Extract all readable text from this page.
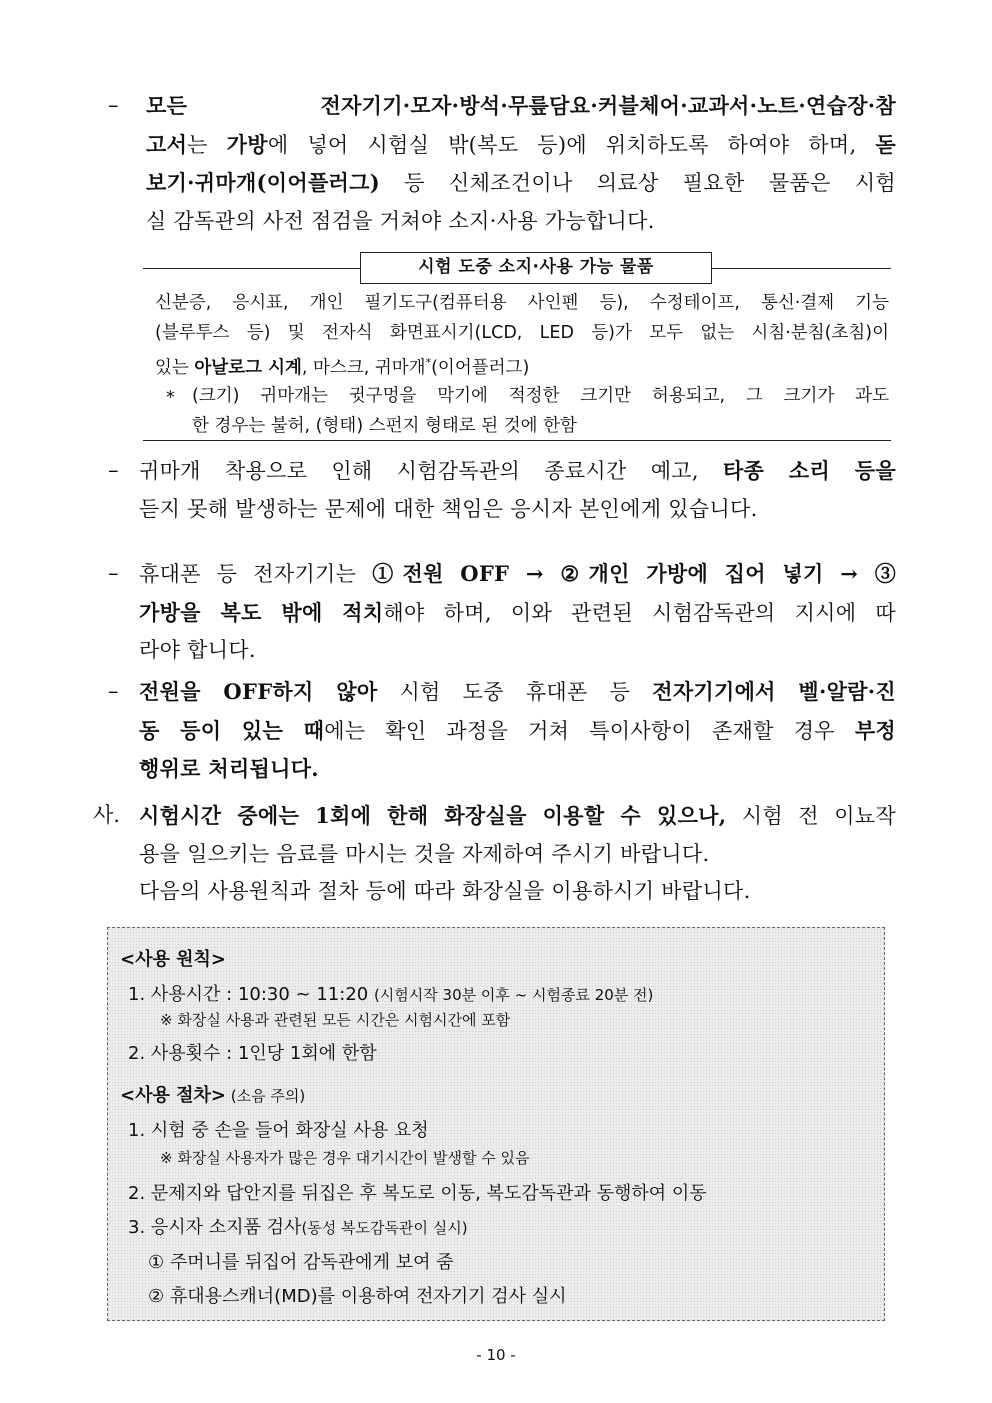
– 모든 전자기기·모자·방석·무릎담요·커블체어·교과서·노트·연습장·참
고서는 가방에 넣어 시험실 밖(복도 등)에 위치하도록 하여야 하며, 돋
보기·귀마개(이어플러그) 등 신체조건이나 의료상 필요한 물품은 시험
실 감독관의 사전 점검을 거쳐야 소지·사용 가능합니다.
시험 도중 소지·사용 가능 물품
신분증, 응시표, 개인 필기도구(컴퓨터용 사인펜 등), 수정테이프, 통신·결제 기능
(블루투스 등) 및 전자식 화면표시기(LCD, LED 등)가 모두 없는 시침·분침(초침)이
있는 아날로그 시계, 마스크, 귀마개*(이어플러그)
* (크기) 귀마개는 귓구멍을 막기에 적정한 크기만 허용되고, 그 크기가 과도
한 경우는 불허, (형태) 스펀지 형태로 된 것에 한함
– 귀마개 착용으로 인해 시험감독관의 종료시간 예고, 타종 소리 등을
듣지 못해 발생하는 문제에 대한 책임은 응시자 본인에게 있습니다.
– 휴대폰 등 전자기기는 ①전원 OFF → ②개인 가방에 집어 넣기 → ③
가방을 복도 밖에 적치해야 하며, 이와 관련된 시험감독관의 지시에 따
라야 합니다.
– 전원을 OFF하지 않아 시험 도중 휴대폰 등 전자기기에서 벨·알람·진
동 등이 있는 때에는 확인 과정을 거쳐 특이사항이 존재할 경우 부정
행위로 처리됩니다.
사. 시험시간 중에는 1회에 한해 화장실을 이용할 수 있으나, 시험 전 이뇨작
용을 일으키는 음료를 마시는 것을 자제하여 주시기 바랍니다.
다음의 사용원칙과 절차 등에 따라 화장실을 이용하시기 바랍니다.
<사용 원칙>
1. 사용시간 : 10:30 ~ 11:20 (시험시작 30분 이후 ~ 시험종료 20분 전)
※ 화장실 사용과 관련된 모든 시간은 시험시간에 포함
2. 사용횟수 : 1인당 1회에 한함
<사용 절차> (소음 주의)
1. 시험 중 손을 들어 화장실 사용 요청
※ 화장실 사용자가 많은 경우 대기시간이 발생할 수 있음
2. 문제지와 답안지를 뒤집은 후 복도로 이동, 복도감독관과 동행하여 이동
3. 응시자 소지품 검사(동성 복도감독관이 실시)
① 주머니를 뒤집어 감독관에게 보여 줌
② 휴대용스캐너(MD)를 이용하여 전자기기 검사 실시
- 10 -
